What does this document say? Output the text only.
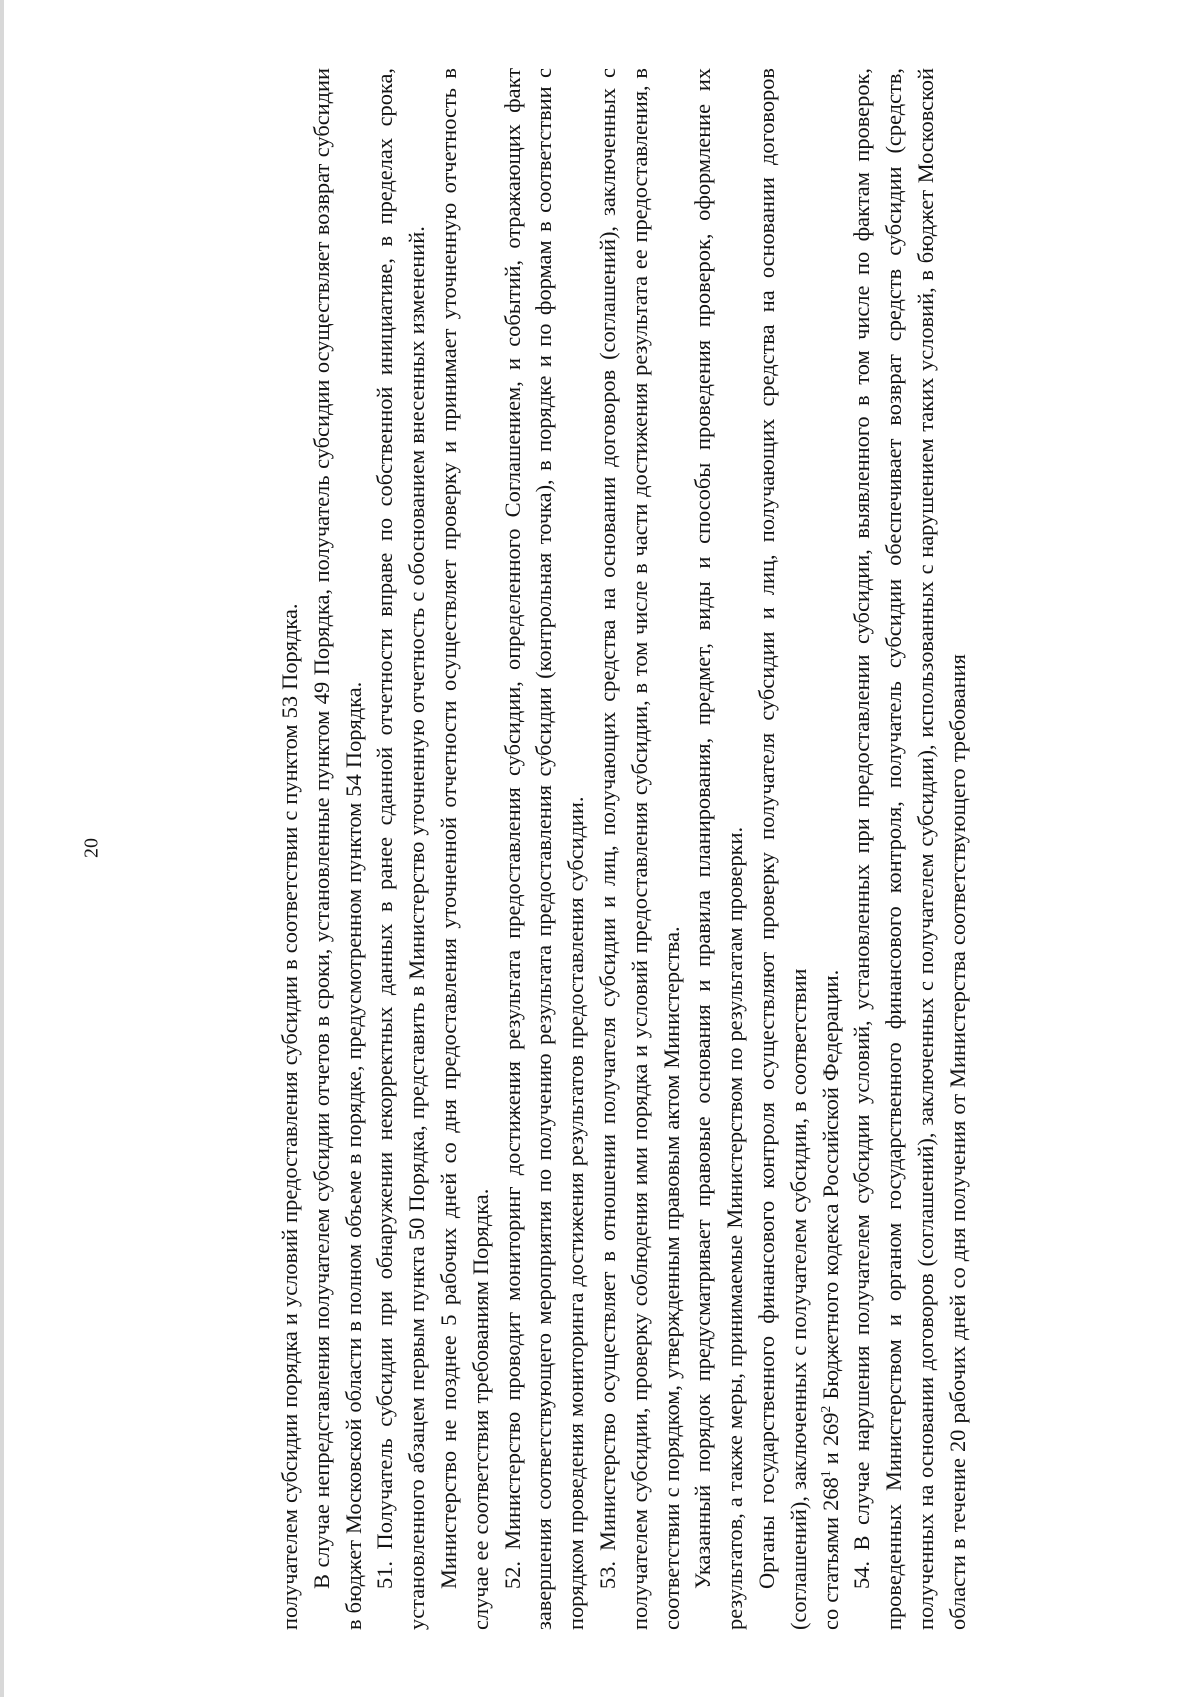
20	получателем субсидии порядка и условий предоставления субсидии в соответствии с пунктом 53 Порядка. В случае непредставления получателем субсидии отчетов в сроки, установленные пунктом 49 Порядка, получатель субсидии осуществляет возврат субсидии в бюджет Московской области в полном объеме в порядке, предусмотренном пунктом 54 Порядка. 51. Получатель субсидии при обнаружении некорректных данных в ранее сданной отчетности вправе по собственной инициативе, в пределах срока, установленного абзацем первым пункта 50 Порядка, представить в Министерство уточненную отчетность с обоснованием внесенных изменений. Министерство не позднее 5 рабочих дней со дня предоставления уточненной отчетности осуществляет проверку и принимает уточненную отчетность в случае ее соответствия требованиям Порядка. 52. Министерство проводит мониторинг достижения результата предоставления субсидии, определенного Соглашением, и событий, отражающих факт завершения соответствующего мероприятия по получению результата предоставления субсидии (контрольная точка), в порядке и по формам в соответствии с порядком проведения мониторинга достижения результатов предоставления субсидии. 53. Министерство осуществляет в отношении получателя субсидии и лиц, получающих средства на основании договоров (соглашений), заключенных с получателем субсидии, проверку соблюдения ими порядка и условий предоставления субсидии, в том числе в части достижения результата ее предоставления, в соответствии с порядком, утвержденным правовым актом Министерства. Указанный порядок предусматривает правовые основания и правила планирования, предмет, виды и способы проведения проверок, оформление их результатов, а также меры, принимаемые Министерством по результатам проверки. Органы государственного финансового контроля осуществляют проверку получателя субсидии и лиц, получающих средства на основании договоров (соглашений), заключенных с получателем субсидии, в соответствии со статьями $268^1$ и $269^2$ Бюджетного кодекса Российской Федерации. 54. В случае нарушения получателем субсидии условий, установленных при предоставлении субсидии, выявленного в том числе по фактам проверок, проведенных Министерством и органом государственного финансового контроля, получатель субсидии обеспечивает возврат средств субсидии (средств, полученных на основании договоров (соглашений), заключенных с получателем субсидии), использованных с нарушением таких условий, в бюджет Московской области в течение 20 рабочих дней со дня получения от Министерства соответствующего требования
